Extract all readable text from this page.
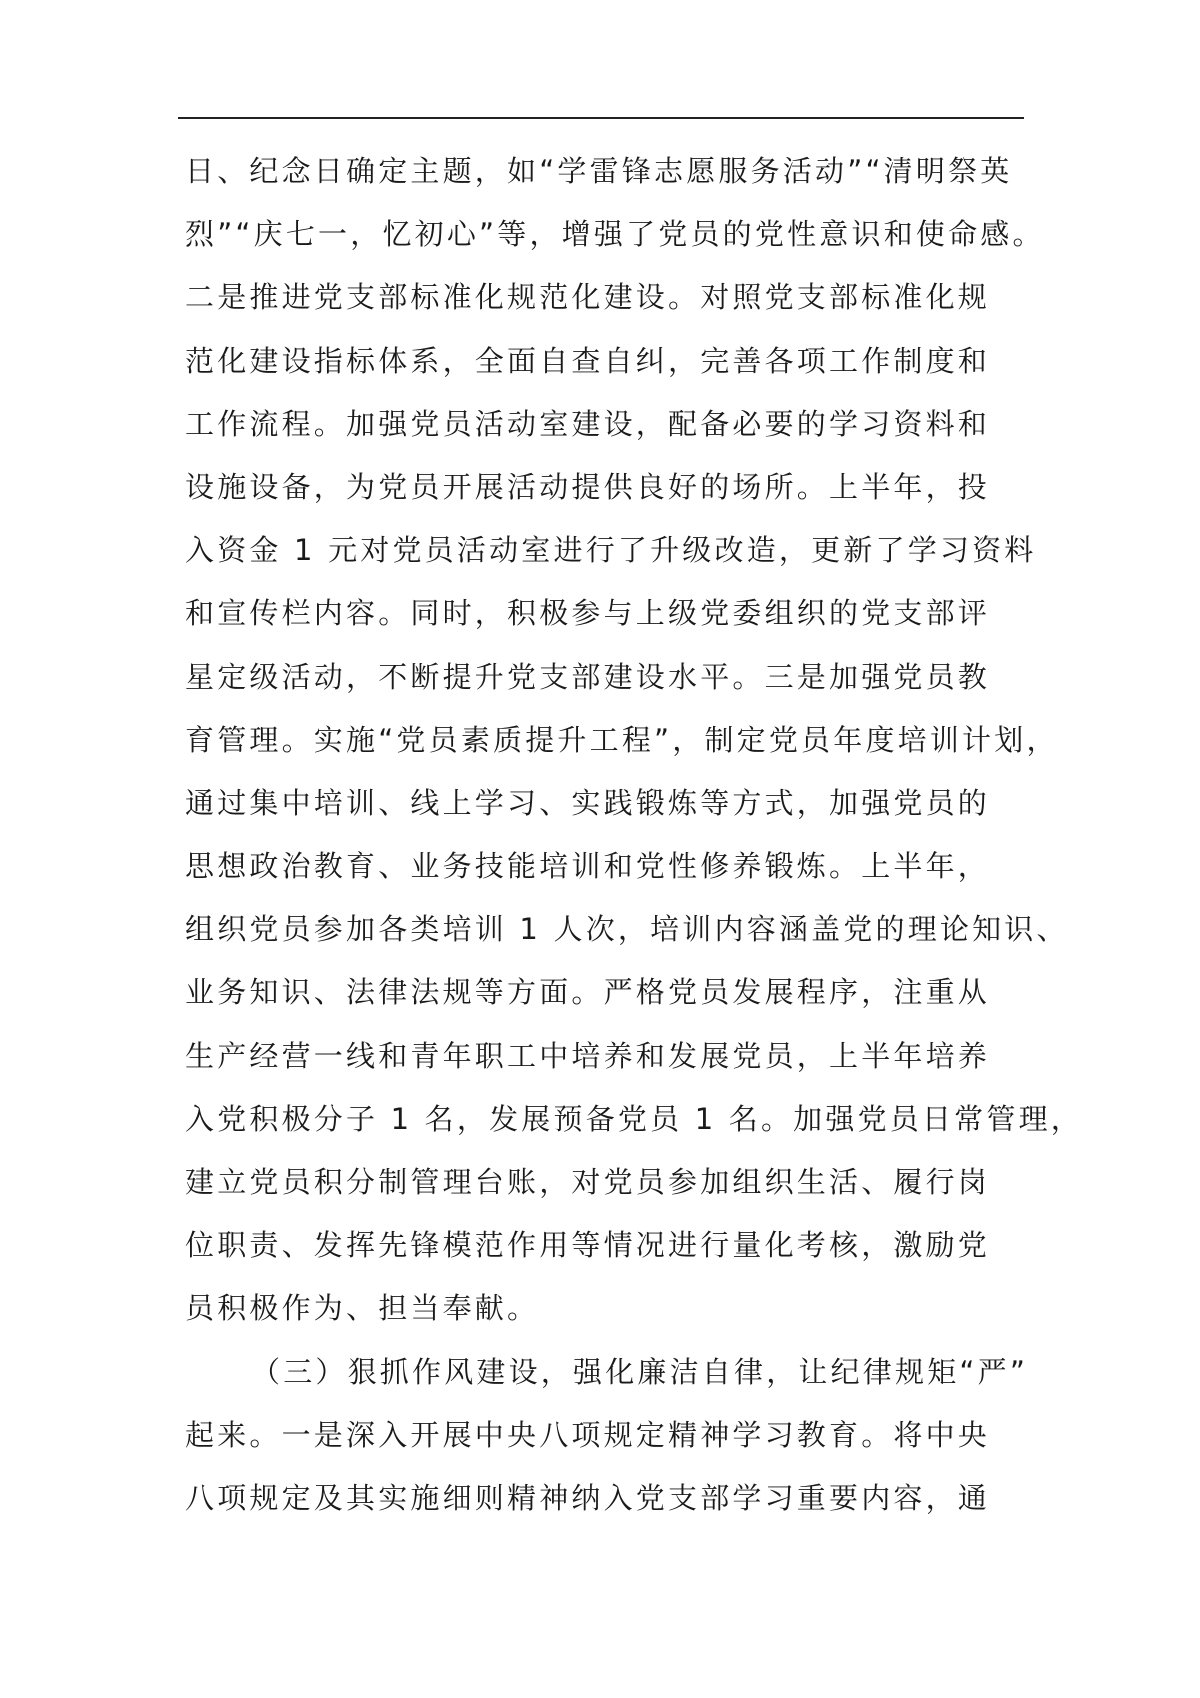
日、纪念日确定主题，如“学雷锋志愿服务活动”“清明祭英
烈”“庆七一，忆初心”等，增强了党员的党性意识和使命感。
二是推进党支部标准化规范化建设。对照党支部标准化规
范化建设指标体系，全面自查自纠，完善各项工作制度和
工作流程。加强党员活动室建设，配备必要的学习资料和
设施设备，为党员开展活动提供良好的场所。上半年，投
入资金 1 元对党员活动室进行了升级改造，更新了学习资料
和宣传栏内容。同时，积极参与上级党委组织的党支部评
星定级活动，不断提升党支部建设水平。三是加强党员教
育管理。实施“党员素质提升工程”，制定党员年度培训计划，
通过集中培训、线上学习、实践锻炼等方式，加强党员的
思想政治教育、业务技能培训和党性修养锻炼。上半年，
组织党员参加各类培训 1 人次，培训内容涵盖党的理论知识、
业务知识、法律法规等方面。严格党员发展程序，注重从
生产经营一线和青年职工中培养和发展党员，上半年培养
入党积极分子 1 名，发展预备党员 1 名。加强党员日常管理，
建立党员积分制管理台账，对党员参加组织生活、履行岗
位职责、发挥先锋模范作用等情况进行量化考核，激励党
员积极作为、担当奉献。
（三）狠抓作风建设，强化廉洁自律，让纪律规矩“严”
起来。一是深入开展中央八项规定精神学习教育。将中央
八项规定及其实施细则精神纳入党支部学习重要内容，通
